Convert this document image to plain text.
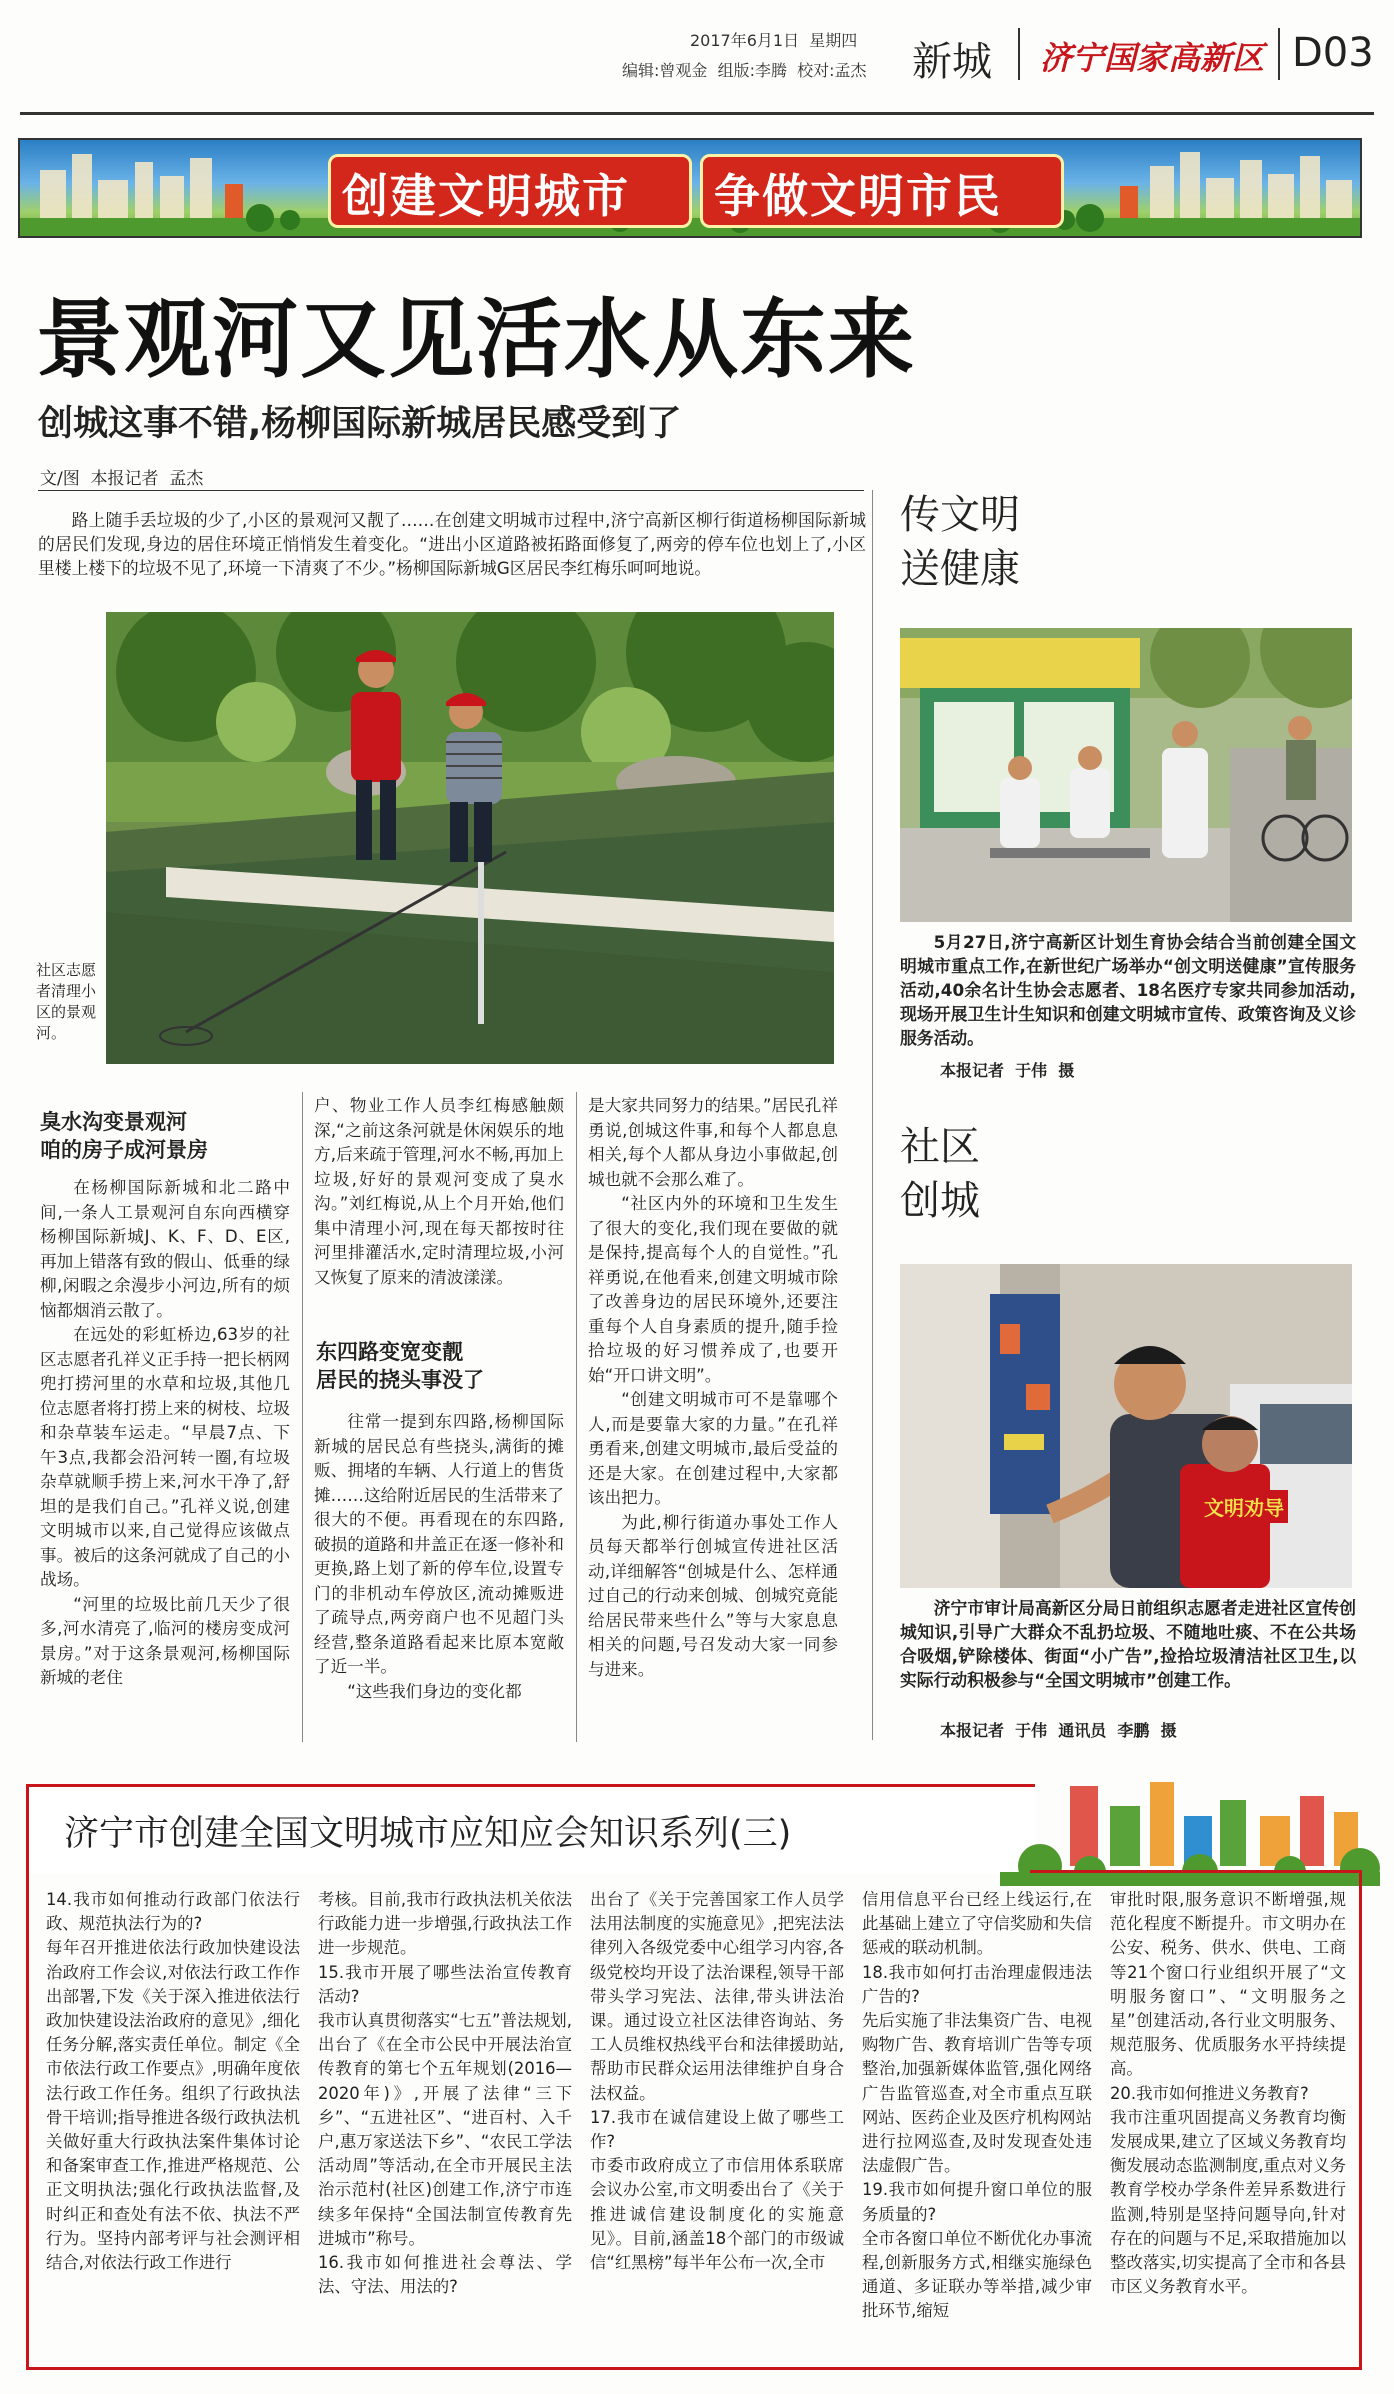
2017年6月1日 星期四
编辑:曾观金 组版:李腾 校对:孟杰 新城 济宁国家高新区 D03
创建文明城市 争做文明市民
景观河又见活水从东来
创城这事不错,杨柳国际新城居民感受到了
文/图  本报记者  孟杰

路上随手丢垃圾的少了,小区的景观河又靓了……在创建文明城市过程中,济宁高新区柳行街道杨柳国际新城的居民们发现,身边的居住环境正悄悄发生着变化。“进出小区道路被拓路面修复了,两旁的停车位也划上了,小区里楼上楼下的垃圾不见了,环境一下清爽了不少。”杨柳国际新城G区居民李红梅乐呵呵地说。

社区志愿者清理小区的景观河。
臭水沟变景观河
咱的房子成河景房

在杨柳国际新城和北二路中间,一条人工景观河自东向西横穿杨柳国际新城J、K、F、D、E区,再加上错落有致的假山、低垂的绿柳,闲暇之余漫步小河边,所有的烦恼都烟消云散了。
在远处的彩虹桥边,63岁的社区志愿者孔祥义正手持一把长柄网兜打捞河里的水草和垃圾,其他几位志愿者将打捞上来的树枝、垃圾和杂草装车运走。“早晨7点、下午3点,我都会沿河转一圈,有垃圾杂草就顺手捞上来,河水干净了,舒坦的是我们自己。”孔祥义说,创建文明城市以来,自己觉得应该做点事。被后的这条河就成了自己的小战场。
“河里的垃圾比前几天少了很多,河水清亮了,临河的楼房变成河景房。”对于这条景观河,杨柳国际新城的老住

户、物业工作人员李红梅感触颇深,“之前这条河就是休闲娱乐的地方,后来疏于管理,河水不畅,再加上垃圾,好好的景观河变成了臭水沟。”刘红梅说,从上个月开始,他们集中清理小河,现在每天都按时往河里排灌活水,定时清理垃圾,小河又恢复了原来的清波漾漾。

东四路变宽变靓
居民的挠头事没了

往常一提到东四路,杨柳国际新城的居民总有些挠头,满街的摊贩、拥堵的车辆、人行道上的售货摊……这给附近居民的生活带来了很大的不便。再看现在的东四路,破损的道路和井盖正在逐一修补和更换,路上划了新的停车位,设置专门的非机动车停放区,流动摊贩进了疏导点,两旁商户也不见超门头经营,整条道路看起来比原本宽敞了近一半。
“这些我们身边的变化都

是大家共同努力的结果。”居民孔祥勇说,创城这件事,和每个人都息息相关,每个人都从身边小事做起,创城也就不会那么难了。
“社区内外的环境和卫生发生了很大的变化,我们现在要做的就是保持,提高每个人的自觉性。”孔祥勇说,在他看来,创建文明城市除了改善身边的居民环境外,还要注重每个人自身素质的提升,随手捡拾垃圾的好习惯养成了,也要开始“开口讲文明”。
“创建文明城市可不是靠哪个人,而是要靠大家的力量。”在孔祥勇看来,创建文明城市,最后受益的还是大家。在创建过程中,大家都该出把力。
为此,柳行街道办事处工作人员每天都举行创城宣传进社区活动,详细解答“创城是什么、怎样通过自己的行动来创城、创城究竟能给居民带来些什么”等与大家息息相关的问题,号召发动大家一同参与进来。

传文明
送健康

5月27日,济宁高新区计划生育协会结合当前创建全国文明城市重点工作,在新世纪广场举办“创文明送健康”宣传服务活动,40余名计生协会志愿者、18名医疗专家共同参加活动,现场开展卫生计生知识和创建文明城市宣传、政策咨询及义诊服务活动。

本报记者  于伟  摄
社区
创城
文明劝导

济宁市审计局高新区分局日前组织志愿者走进社区宣传创城知识,引导广大群众不乱扔垃圾、不随地吐痰、不在公共场合吸烟,铲除楼体、街面“小广告”,捡拾垃圾清洁社区卫生,以实际行动积极参与“全国文明城市”创建工作。

本报记者  于伟  通讯员  李鹏  摄
济宁市创建全国文明城市应知应会知识系列(三)
14.我市如何推动行政部门依法行政、规范执法行为的?
每年召开推进依法行政加快建设法治政府工作会议,对依法行政工作作出部署,下发《关于深入推进依法行政加快建设法治政府的意见》,细化任务分解,落实责任单位。制定《全市依法行政工作要点》,明确年度依法行政工作任务。组织了行政执法骨干培训;指导推进各级行政执法机关做好重大行政执法案件集体讨论和备案审查工作,推进严格规范、公正文明执法;强化行政执法监督,及时纠正和查处有法不依、执法不严行为。坚持内部考评与社会测评相结合,对依法行政工作进行
考核。目前,我市行政执法机关依法行政能力进一步增强,行政执法工作进一步规范。
15.我市开展了哪些法治宣传教育活动?
我市认真贯彻落实“七五”普法规划,出台了《在全市公民中开展法治宣传教育的第七个五年规划(2016—2020年)》,开展了法律“三下乡”、“五进社区”、“进百村、入千户,惠万家送法下乡”、“农民工学法活动周”等活动,在全市开展民主法治示范村(社区)创建工作,济宁市连续多年保持“全国法制宣传教育先进城市”称号。
16.我市如何推进社会尊法、学法、守法、用法的?
出台了《关于完善国家工作人员学法用法制度的实施意见》,把宪法法律列入各级党委中心组学习内容,各级党校均开设了法治课程,领导干部带头学习宪法、法律,带头讲法治课。通过设立社区法律咨询站、务工人员维权热线平台和法律援助站,帮助市民群众运用法律维护自身合法权益。
17.我市在诚信建设上做了哪些工作?
市委市政府成立了市信用体系联席会议办公室,市文明委出台了《关于推进诚信建设制度化的实施意见》。目前,涵盖18个部门的市级诚信“红黑榜”每半年公布一次,全市
信用信息平台已经上线运行,在此基础上建立了守信奖励和失信惩戒的联动机制。
18.我市如何打击治理虚假违法广告的?
先后实施了非法集资广告、电视购物广告、教育培训广告等专项整治,加强新媒体监管,强化网络广告监管巡查,对全市重点互联网站、医药企业及医疗机构网站进行拉网巡查,及时发现查处违法虚假广告。
19.我市如何提升窗口单位的服务质量的?
全市各窗口单位不断优化办事流程,创新服务方式,相继实施绿色通道、多证联办等举措,减少审批环节,缩短
审批时限,服务意识不断增强,规范化程度不断提升。市文明办在公安、税务、供水、供电、工商等21个窗口行业组织开展了“文明服务窗口”、“文明服务之星”创建活动,各行业文明服务、规范服务、优质服务水平持续提高。
20.我市如何推进义务教育?
我市注重巩固提高义务教育均衡发展成果,建立了区域义务教育均衡发展动态监测制度,重点对义务教育学校办学条件差异系数进行监测,特别是坚持问题导向,针对存在的问题与不足,采取措施加以整改落实,切实提高了全市和各县市区义务教育水平。
